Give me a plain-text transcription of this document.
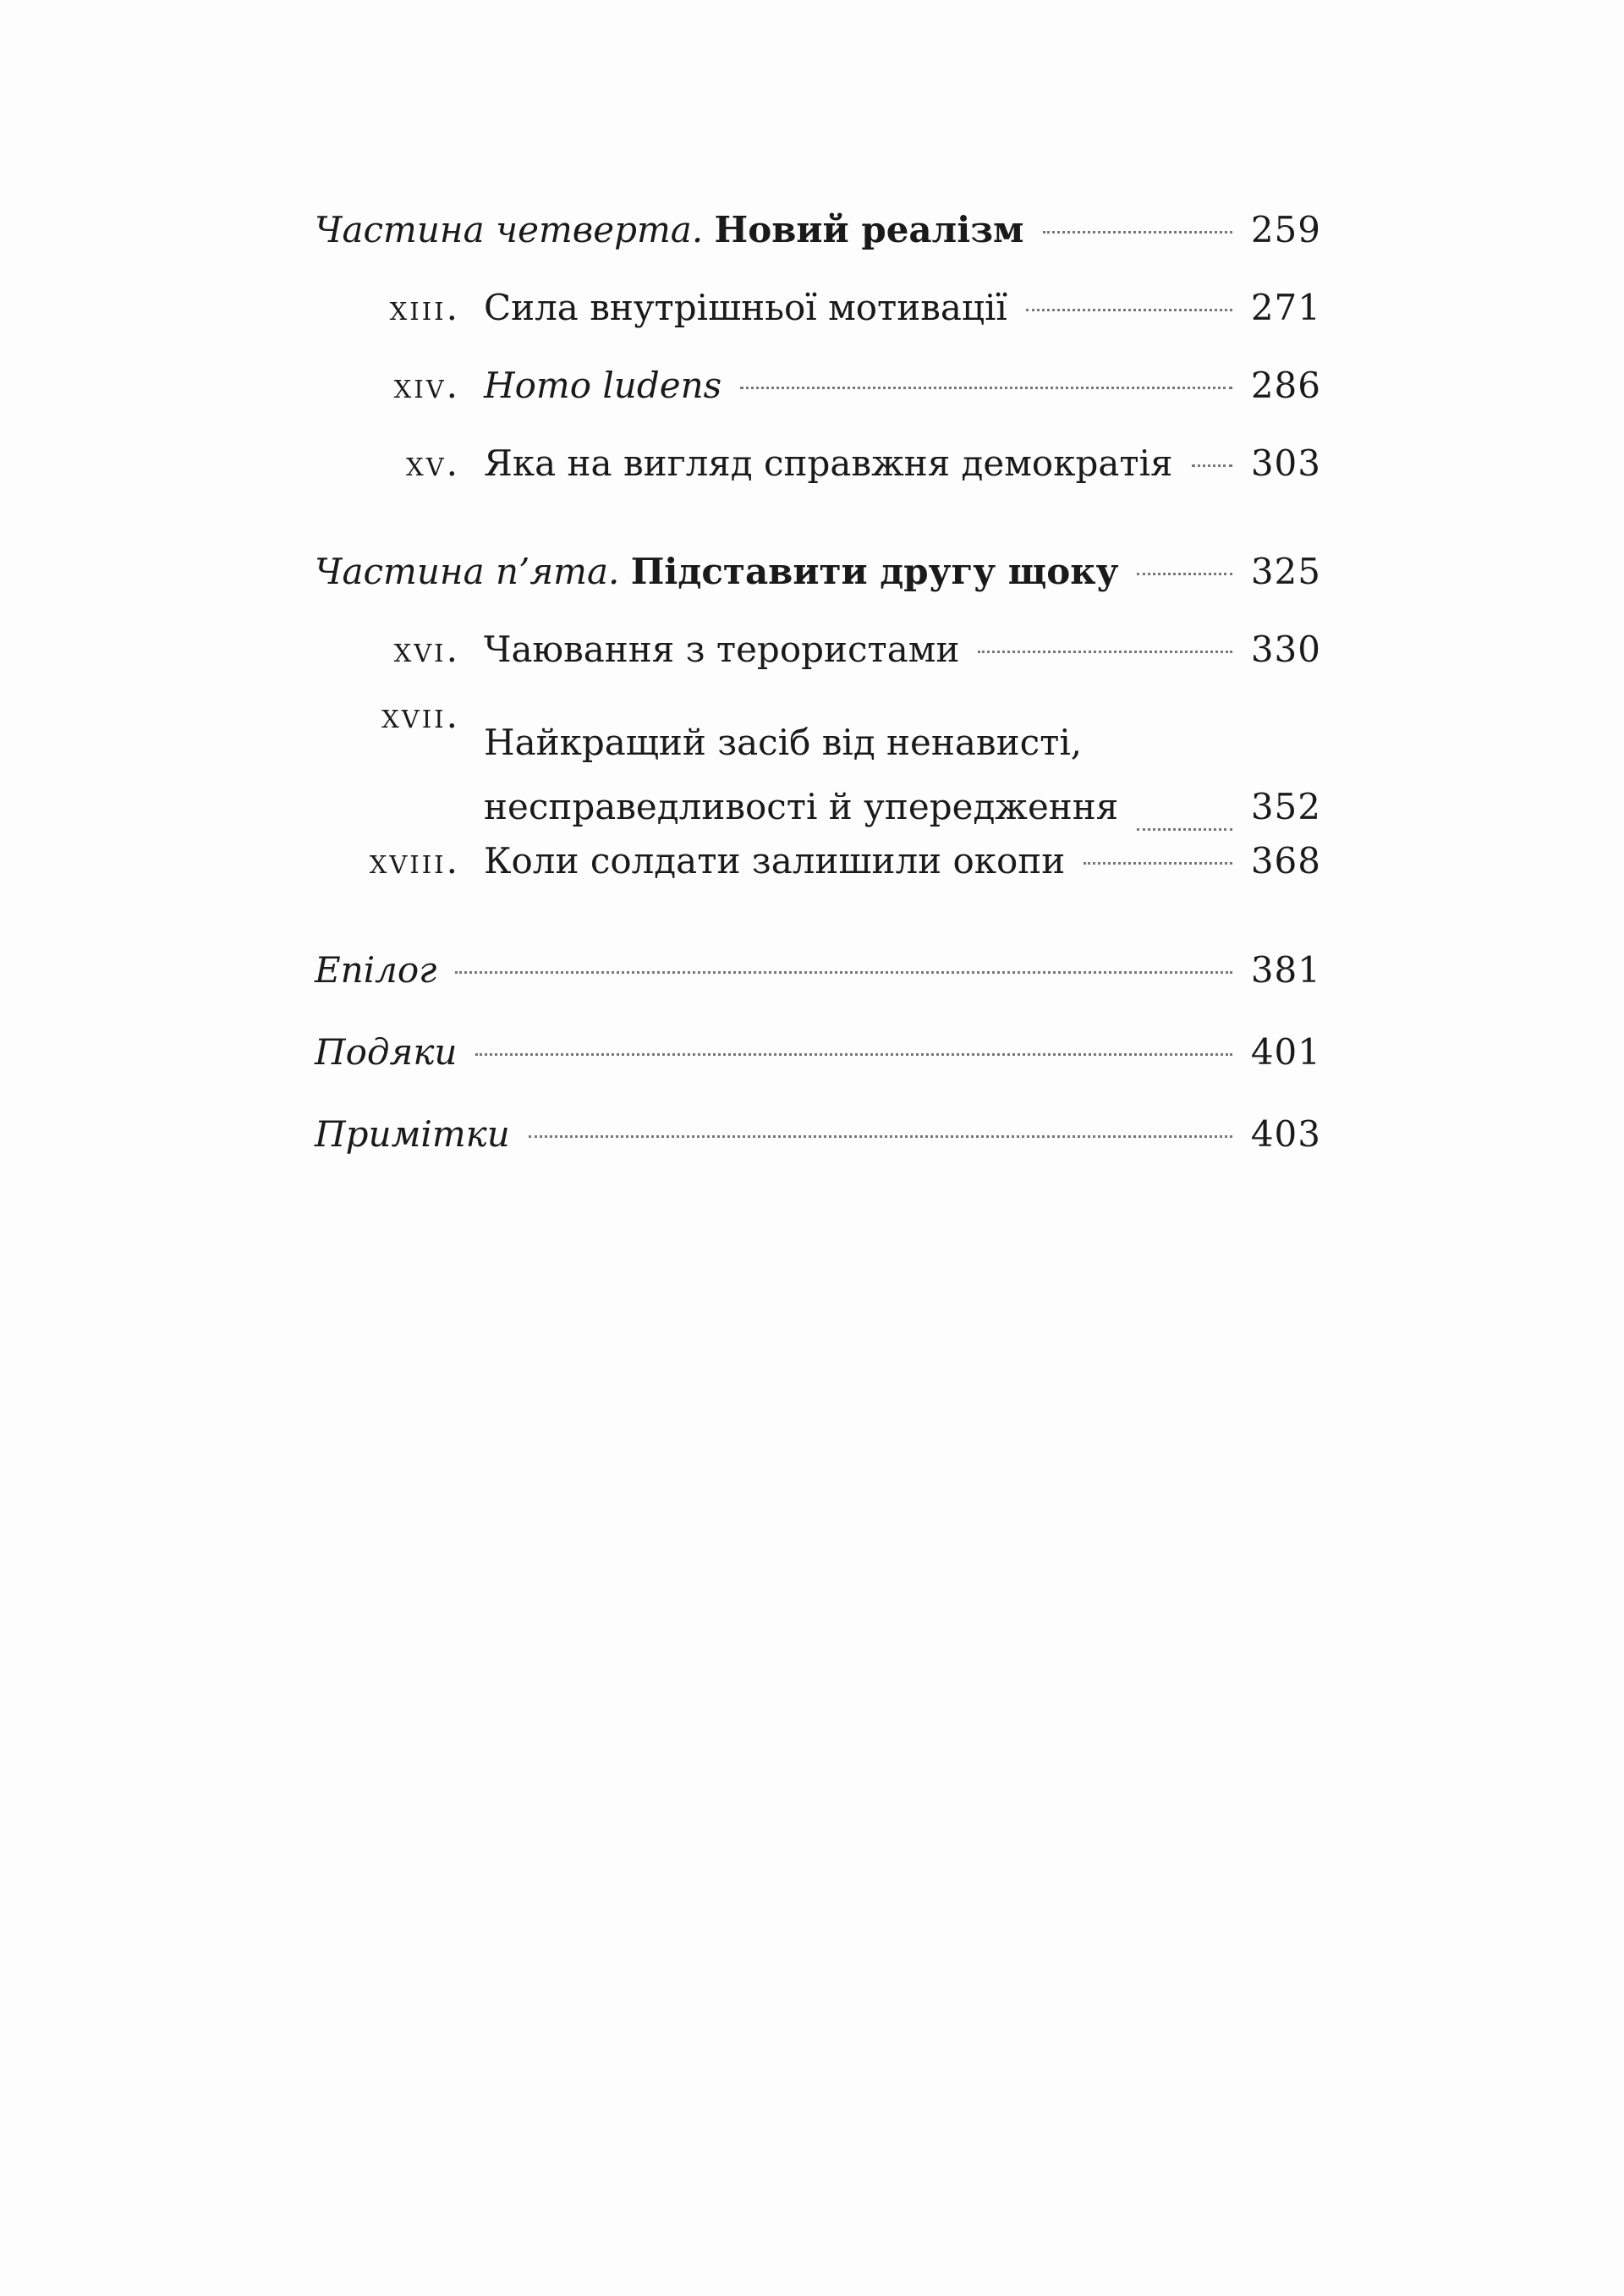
Частина четверта. Новий реалізм	259
xiii. Сила внутрішньої мотивації	271
xiv. Homo ludens	286
xv. Яка на вигляд справжня демократія 303
Частина п’ята. Підставити другу щоку	325
xvi. Чаювання з терористами	330
xvii.
Найкращий засіб від ненависті,
несправедливості й упередження	352
xviii. Коли солдати залишили окопи	368
Епілог	381
Подяки	401
Примітки	403
